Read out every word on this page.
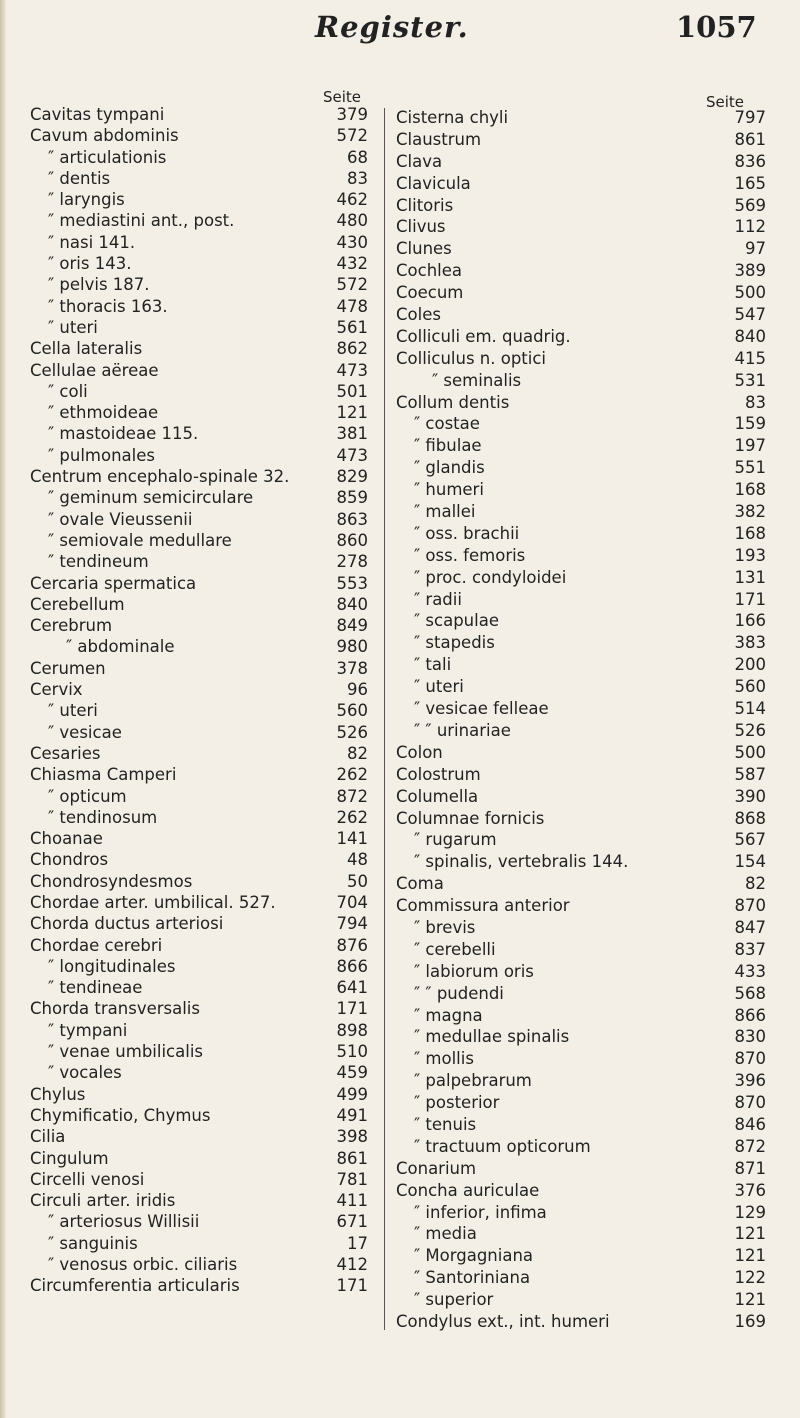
Register.	1057
Seite	Seite
Cavitas tympani	379
Cavum abdominis	572
″ articulationis	68
″ dentis	83
″ laryngis	462
″ mediastini ant., post.	480
″ nasi 141.	430
″ oris 143.	432
″ pelvis 187.	572
″ thoracis 163.	478
″ uteri	561
Cella lateralis	862
Cellulae aëreae	473
″ coli	501
″ ethmoideae	121
″ mastoideae 115.	381
″ pulmonales	473
Centrum encephalo-spinale 32.	829
″ geminum semicirculare	859
″ ovale Vieussenii	863
″ semiovale medullare	860
″ tendineum	278
Cercaria spermatica	553
Cerebellum	840
Cerebrum	849
″ abdominale	980
Cerumen	378
Cervix	96
″ uteri	560
″ vesicae	526
Cesaries	82
Chiasma Camperi	262
″ opticum	872
″ tendinosum	262
Choanae	141
Chondros	48
Chondrosyndesmos	50
Chordae arter. umbilical. 527.	704
Chorda ductus arteriosi	794
Chordae cerebri	876
″ longitudinales	866
″ tendineae	641
Chorda transversalis	171
″ tympani	898
″ venae umbilicalis	510
″ vocales	459
Chylus	499
Chymificatio, Chymus	491
Cilia	398
Cingulum	861
Circelli venosi	781
Circuli arter. iridis	411
″ arteriosus Willisii	671
″ sanguinis	17
″ venosus orbic. ciliaris	412
Circumferentia articularis	171
Cisterna chyli	797
Claustrum	861
Clava	836
Clavicula	165
Clitoris	569
Clivus	112
Clunes	97
Cochlea	389
Coecum	500
Coles	547
Colliculi em. quadrig.	840
Colliculus n. optici	415
″ seminalis	531
Collum dentis	83
″ costae	159
″ fibulae	197
″ glandis	551
″ humeri	168
″ mallei	382
″ oss. brachii	168
″ oss. femoris	193
″ proc. condyloidei	131
″ radii	171
″ scapulae	166
″ stapedis	383
″ tali	200
″ uteri	560
″ vesicae felleae	514
″ ″ urinariae	526
Colon	500
Colostrum	587
Columella	390
Columnae fornicis	868
″ rugarum	567
″ spinalis, vertebralis 144.	154
Coma	82
Commissura anterior	870
″ brevis	847
″ cerebelli	837
″ labiorum oris	433
″ ″ pudendi	568
″ magna	866
″ medullae spinalis	830
″ mollis	870
″ palpebrarum	396
″ posterior	870
″ tenuis	846
″ tractuum opticorum	872
Conarium	871
Concha auriculae	376
″ inferior, infima	129
″ media	121
″ Morgagniana	121
″ Santoriniana	122
″ superior	121
Condylus ext., int. humeri	169
